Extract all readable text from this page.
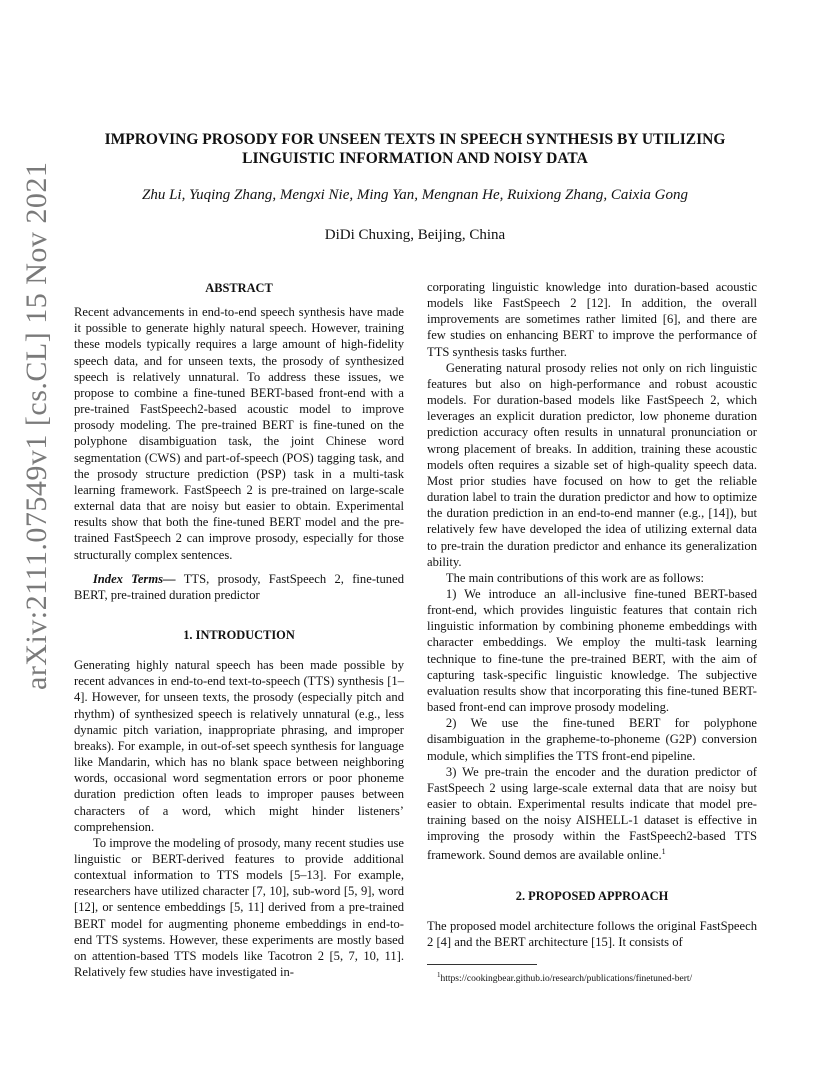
arXiv:2111.07549v1 [cs.CL] 15 Nov 2021
IMPROVING PROSODY FOR UNSEEN TEXTS IN SPEECH SYNTHESIS BY UTILIZING
LINGUISTIC INFORMATION AND NOISY DATA
Zhu Li, Yuqing Zhang, Mengxi Nie, Ming Yan, Mengnan He, Ruixiong Zhang, Caixia Gong
DiDi Chuxing, Beijing, China
ABSTRACT

Recent advancements in end-to-end speech synthesis have made it possible to generate highly natural speech. However, training these models typically requires a large amount of high-fidelity speech data, and for unseen texts, the prosody of synthesized speech is relatively unnatural. To address these issues, we propose to combine a fine-tuned BERT-based front-end with a pre-trained FastSpeech2-based acoustic model to improve prosody modeling. The pre-trained BERT is fine-tuned on the polyphone disambiguation task, the joint Chinese word segmentation (CWS) and part-of-speech (POS) tagging task, and the prosody structure prediction (PSP) task in a multi-task learning framework. FastSpeech 2 is pre-trained on large-scale external data that are noisy but easier to obtain. Experimental results show that both the fine-tuned BERT model and the pre-trained FastSpeech 2 can improve prosody, especially for those structurally complex sentences.

Index Terms— TTS, prosody, FastSpeech 2, fine-tuned BERT, pre-trained duration predictor

1. INTRODUCTION

Generating highly natural speech has been made possible by recent advances in end-to-end text-to-speech (TTS) synthesis [1–4]. However, for unseen texts, the prosody (especially pitch and rhythm) of synthesized speech is relatively unnatural (e.g., less dynamic pitch variation, inappropriate phrasing, and improper breaks). For example, in out-of-set speech synthesis for language like Mandarin, which has no blank space between neighboring words, occasional word segmentation errors or poor phoneme duration prediction often leads to improper pauses between characters of a word, which might hinder listeners’ comprehension.

To improve the modeling of prosody, many recent studies use linguistic or BERT-derived features to provide additional contextual information to TTS models [5–13]. For example, researchers have utilized character [7, 10], sub-word [5, 9], word [12], or sentence embeddings [5, 11] derived from a pre-trained BERT model for augmenting phoneme embeddings in end-to-end TTS systems. However, these experiments are mostly based on attention-based TTS models like Tacotron 2 [5, 7, 10, 11]. Relatively few studies have investigated in-

corporating linguistic knowledge into duration-based acoustic models like FastSpeech 2 [12]. In addition, the overall improvements are sometimes rather limited [6], and there are few studies on enhancing BERT to improve the performance of TTS synthesis tasks further.

Generating natural prosody relies not only on rich linguistic features but also on high-performance and robust acoustic models. For duration-based models like FastSpeech 2, which leverages an explicit duration predictor, low phoneme duration prediction accuracy often results in unnatural pronunciation or wrong placement of breaks. In addition, training these acoustic models often requires a sizable set of high-quality speech data. Most prior studies have focused on how to get the reliable duration label to train the duration predictor and how to optimize the duration prediction in an end-to-end manner (e.g., [14]), but relatively few have developed the idea of utilizing external data to pre-train the duration predictor and enhance its generalization ability.

The main contributions of this work are as follows:

1) We introduce an all-inclusive fine-tuned BERT-based front-end, which provides linguistic features that contain rich linguistic information by combining phoneme embeddings with character embeddings. We employ the multi-task learning technique to fine-tune the pre-trained BERT, with the aim of capturing task-specific linguistic knowledge. The subjective evaluation results show that incorporating this fine-tuned BERT-based front-end can improve prosody modeling.

2) We use the fine-tuned BERT for polyphone disambiguation in the grapheme-to-phoneme (G2P) conversion module, which simplifies the TTS front-end pipeline.

3) We pre-train the encoder and the duration predictor of FastSpeech 2 using large-scale external data that are noisy but easier to obtain. Experimental results indicate that model pre-training based on the noisy AISHELL-1 dataset is effective in improving the prosody within the FastSpeech2-based TTS framework. Sound demos are available online.$^1$

2. PROPOSED APPROACH

The proposed model architecture follows the original FastSpeech 2 [4] and the BERT architecture [15]. It consists of

$^1$https://cookingbear.github.io/research/publications/finetuned-bert/
